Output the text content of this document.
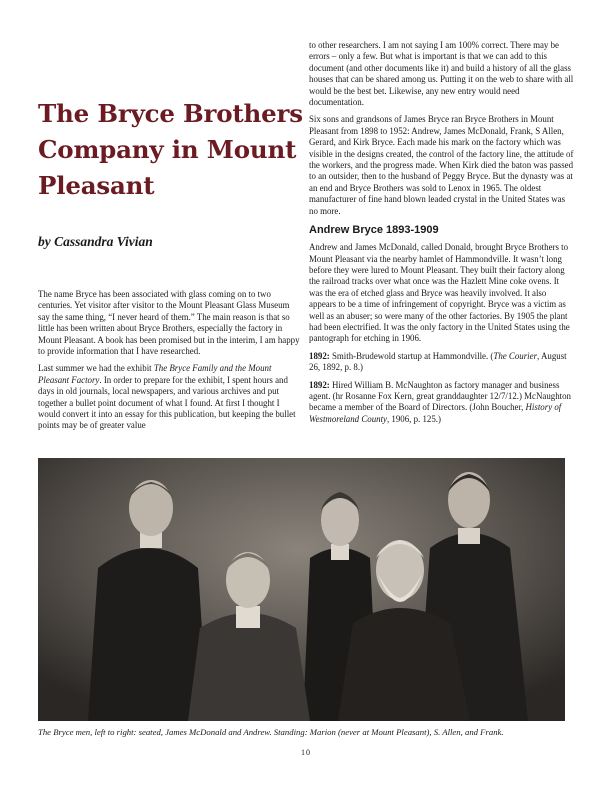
The Bryce Brothers Company in Mount Pleasant
by Cassandra Vivian

The name Bryce has been associated with glass coming on to two centuries. Yet visitor after visitor to the Mount Pleasant Glass Museum say the same thing, “I never heard of them.” The main reason is that so little has been written about Bryce Brothers, especially the factory in Mount Pleasant. A book has been promised but in the interim, I am happy to provide information that I have researched.

Last summer we had the exhibit The Bryce Family and the Mount Pleasant Factory. In order to prepare for the exhibit, I spent hours and days in old journals, local newspapers, and various archives and put together a bullet point document of what I found. At first I thought I would convert it into an essay for this publication, but keeping the bullet points may be of greater value

to other researchers. I am not saying I am 100% correct. There may be errors – only a few. But what is important is that we can add to this document (and other documents like it) and build a history of all the glass houses that can be shared among us. Putting it on the web to share with all would be the best bet. Likewise, any new entry would need documentation.

Six sons and grandsons of James Bryce ran Bryce Brothers in Mount Pleasant from 1898 to 1952: Andrew, James McDonald, Frank, S Allen, Gerard, and Kirk Bryce. Each made his mark on the factory which was visible in the designs created, the control of the factory line, the attitude of the workers, and the progress made. When Kirk died the baton was passed to an outsider, then to the husband of Peggy Bryce. But the dynasty was at an end and Bryce Brothers was sold to Lenox in 1965. The oldest manufacturer of fine hand blown leaded crystal in the United States was no more.

Andrew Bryce 1893-1909

Andrew and James McDonald, called Donald, brought Bryce Brothers to Mount Pleasant via the nearby hamlet of Hammondville. It wasn’t long before they were lured to Mount Pleasant. They built their factory along the railroad tracks over what once was the Hazlett Mine coke ovens. It was the era of etched glass and Bryce was heavily involved. It also appears to be a time of infringement of copyright. Bryce was a victim as well as an abuser; so were many of the other factories. By 1905 the plant had been electrified. It was the only factory in the United States using the pantograph for etching in 1906.

1892: Smith-Brudewold startup at Hammondville. (The Courier, August 26, 1892, p. 8.)

1892: Hired William B. McNaughton as factory manager and business agent. (hr Rosanne Fox Kern, great granddaughter 12/7/12.) McNaughton became a member of the Board of Directors. (John Boucher, History of Westmoreland County, 1906, p. 125.)

The Bryce men, left to right: seated, James McDonald and Andrew. Standing: Marion (never at Mount Pleasant), S. Allen, and Frank.
10
